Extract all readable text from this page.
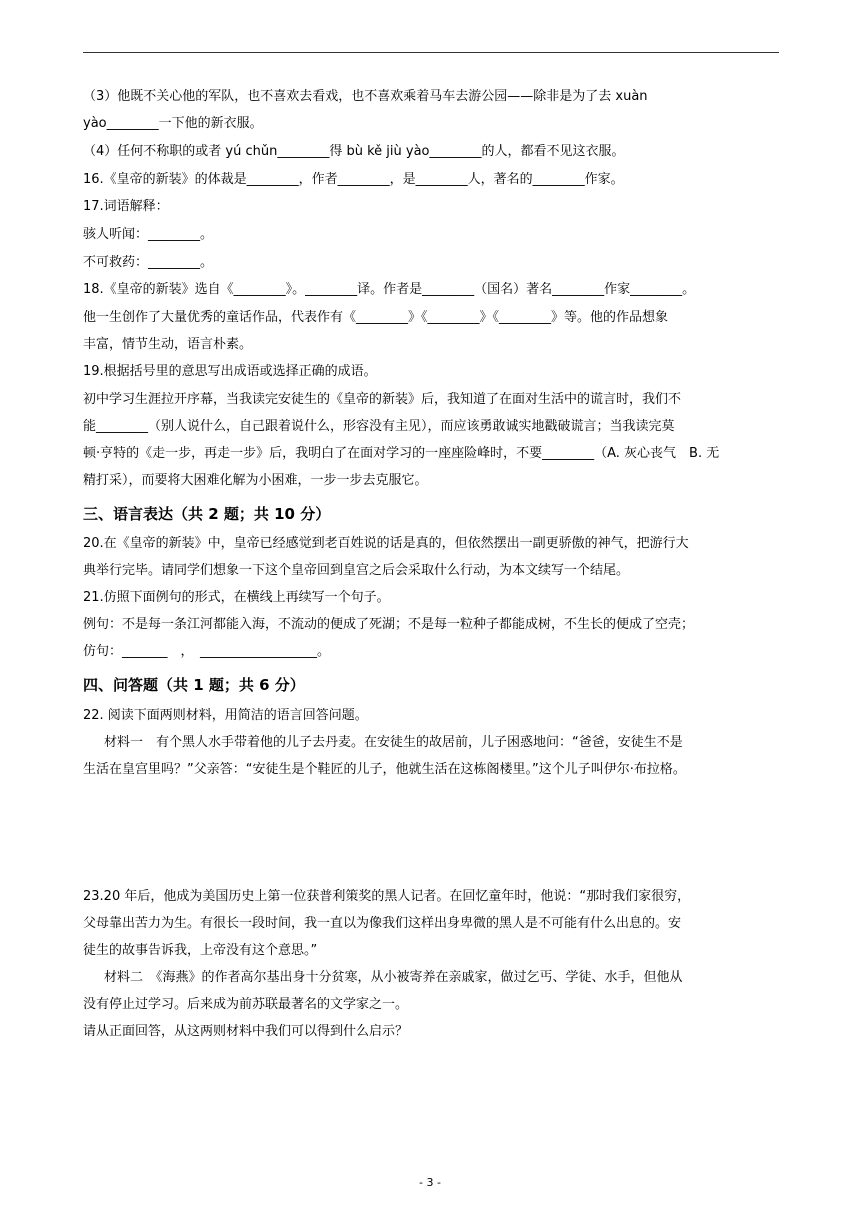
（3）他既不关心他的军队，也不喜欢去看戏，也不喜欢乘着马车去游公园——除非是为了去 xuàn
yào________一下他的新衣服。
（4）任何不称职的或者 yú chǔn________得 bù kě jiù yào________的人，都看不见这衣服。
16.《皇帝的新装》的体裁是________，作者________，是________人，著名的________作家。
17.词语解释：
骇人听闻：________。
不可救药：________。
18.《皇帝的新装》选自《________》。________译。作者是________（国名）著名________作家________。
他一生创作了大量优秀的童话作品，代表作有《________》《________》《________》等。他的作品想象
丰富，情节生动，语言朴素。
19.根据括号里的意思写出成语或选择正确的成语。
初中学习生涯拉开序幕，当我读完安徒生的《皇帝的新装》后，我知道了在面对生活中的谎言时，我们不
能________（别人说什么，自己跟着说什么，形容没有主见），而应该勇敢诚实地戳破谎言；当我读完莫
顿·亨特的《走一步，再走一步》后，我明白了在面对学习的一座座险峰时，不要________（A. 灰心丧气　B. 无
精打采），而要将大困难化解为小困难，一步一步去克服它。
三、语言表达（共 2 题；共 10 分）
20.在《皇帝的新装》中，皇帝已经感觉到老百姓说的话是真的，但依然摆出一副更骄傲的神气，把游行大
典举行完毕。请同学们想象一下这个皇帝回到皇宫之后会采取什么行动，为本文续写一个结尾。
21.仿照下面例句的形式，在横线上再续写一个句子。
例句：不是每一条江河都能入海，不流动的便成了死湖；不是每一粒种子都能成树，不生长的便成了空壳；
仿句：_______　，　__________________。
四、问答题（共 1 题；共 6 分）
22. 阅读下面两则材料，用简洁的语言回答问题。
材料一　有个黑人水手带着他的儿子去丹麦。在安徒生的故居前，儿子困惑地问：“爸爸，安徒生不是
生活在皇宫里吗？”父亲答：“安徒生是个鞋匠的儿子，他就生活在这栋阁楼里。”这个儿子叫伊尔·布拉格。
23.20 年后，他成为美国历史上第一位获普利策奖的黑人记者。在回忆童年时，他说：“那时我们家很穷，
父母靠出苦力为生。有很长一段时间，我一直以为像我们这样出身卑微的黑人是不可能有什么出息的。安
徒生的故事告诉我，上帝没有这个意思。”
材料二　《海燕》的作者高尔基出身十分贫寒，从小被寄养在亲戚家，做过乞丐、学徒、水手，但他从
没有停止过学习。后来成为前苏联最著名的文学家之一。
请从正面回答，从这两则材料中我们可以得到什么启示？
- 3 -
